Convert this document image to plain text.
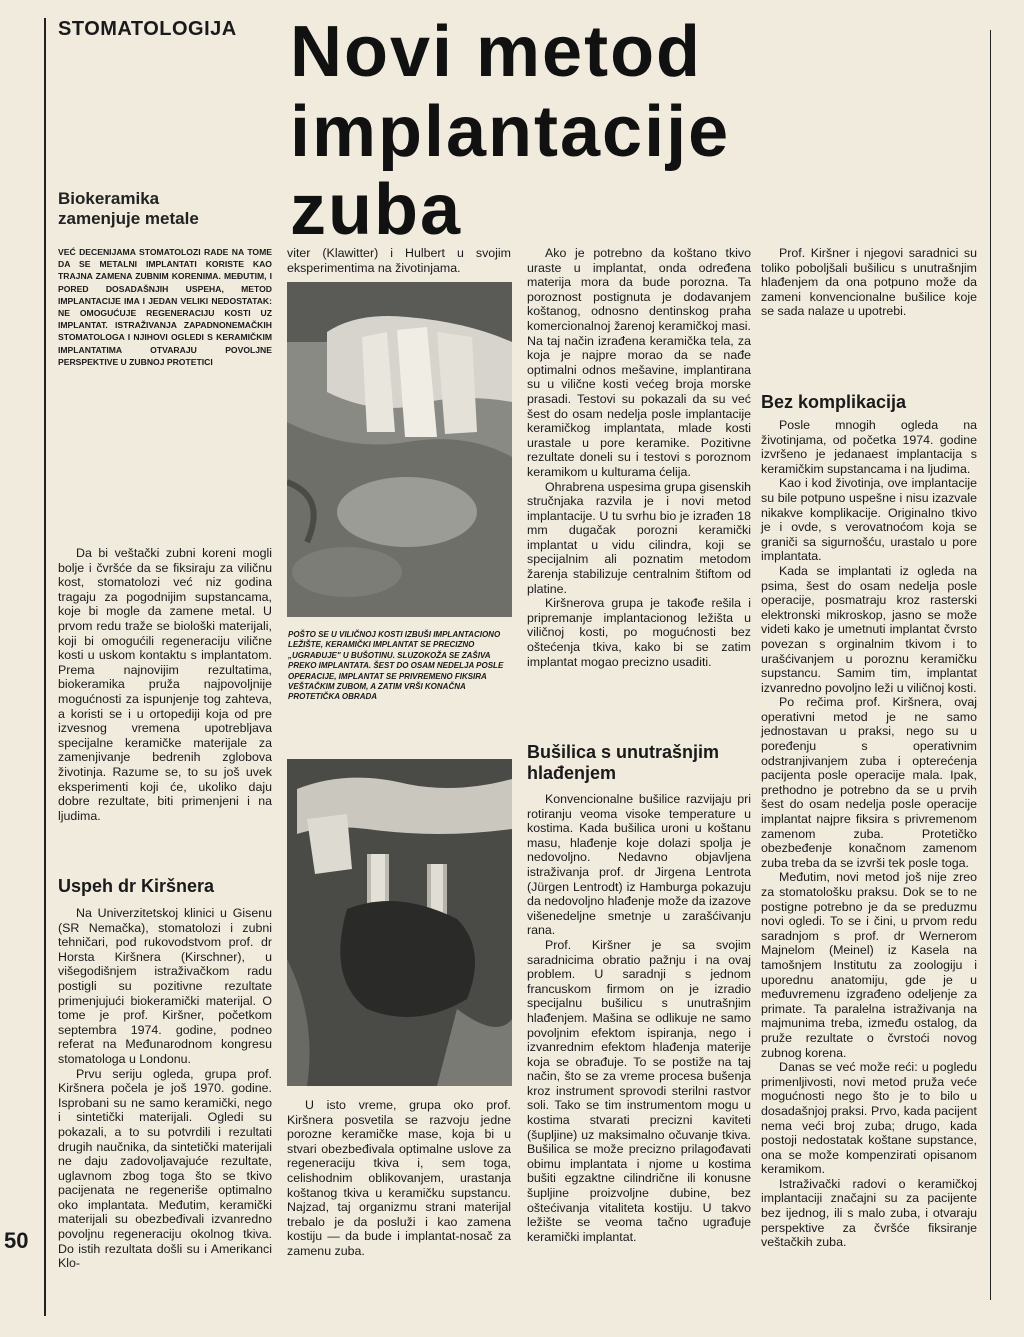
STOMATOLOGIJA
50
Novi metod
implantacije
zuba
Biokeramika
zamenjuje metale
VEĆ DECENIJAMA STOMATOLOZI RADE NA TOME DA SE METALNI IMPLANTATI KORISTE KAO TRAJNA ZAMENA ZUBNIM KORENIMA. MEĐUTIM, I PORED DOSADAŠNJIH USPEHA, METOD IMPLANTACIJE IMA I JEDAN VELIKI NEDOSTATAK: NE OMOGUĆUJE REGENERACIJU KOSTI UZ IMPLANTAT. ISTRAŽIVANJA ZAPADNONEMAČKIH STOMATOLOGA I NJIHOVI OGLEDI S KERAMIČKIM IMPLANTATIMA OTVARAJU POVOLJNE PERSPEKTIVE U ZUBNOJ PROTETICI

Da bi veštački zubni koreni mogli bolje i čvršće da se fiksiraju za viličnu kost, stomatolozi već niz godina tragaju za pogodnijim supstancama, koje bi mogle da zamene metal. U prvom redu traže se biološki materijali, koji bi omogućili regeneraciju vilične kosti u uskom kontaktu s implantatom. Prema najnovijim rezultatima, biokeramika pruža najpovoljnije mogućnosti za ispunjenje tog zahteva, a koristi se i u ortopediji koja od pre izvesnog vremena upotrebljava specijalne keramičke materijale za zamenjivanje bedrenih zglobova životinja. Razume se, to su još uvek eksperimenti koji će, ukoliko daju dobre rezultate, biti primenjeni i na ljudima.

Uspeh dr Kiršnera

Na Univerzitetskoj klinici u Gisenu (SR Nemačka), stomatolozi i zubni tehničari, pod rukovodstvom prof. dr Horsta Kiršnera (Kirschner), u višegodišnjem istraživačkom radu postigli su pozitivne rezultate primenjujući biokeramički materijal. O tome je prof. Kiršner, početkom septembra 1974. godine, podneo referat na Međunarodnom kongresu stomatologa u Londonu.

Prvu seriju ogleda, grupa prof. Kiršnera počela je još 1970. godine. Isprobani su ne samo keramički, nego i sintetički materijali. Ogledi su pokazali, a to su potvrdili i rezultati drugih naučnika, da sintetički materijali ne daju zadovoljavajuće rezultate, uglavnom zbog toga što se tkivo pacijenata ne regeneriše optimalno oko implantata. Međutim, keramički materijali su obezbeđivali izvanredno povoljnu regeneraciju okolnog tkiva. Do istih rezultata došli su i Amerikanci Klo-

viter (Klawitter) i Hulbert u svojim eksperimentima na životinjama.

POŠTO SE U VILIČNOJ KOSTI IZBUŠI IMPLANTACIONO LEŽIŠTE, KERAMIČKI IMPLANTAT SE PRECIZNO „UGRAĐUJE" U BUŠOTINU. SLUZOKOŽA SE ZAŠIVA PREKO IMPLANTATA. ŠEST DO OSAM NEDELJA POSLE OPERACIJE, IMPLANTAT SE PRIVREMENO FIKSIRA VEŠTAČKIM ZUBOM, A ZATIM VRŠI KONAČNA PROTETIČKA OBRADA

U isto vreme, grupa oko prof. Kiršnera posvetila se razvoju jedne porozne keramičke mase, koja bi u stvari obezbeđivala optimalne uslove za regeneraciju tkiva i, sem toga, celishodnim oblikovanjem, urastanja koštanog tkiva u keramičku supstancu. Najzad, taj organizmu strani materijal trebalo je da posluži i kao zamena kostiju — da bude i implantat-nosač za zamenu zuba.

Ako je potrebno da koštano tkivo uraste u implantat, onda određena materija mora da bude porozna. Ta poroznost postignuta je dodavanjem koštanog, odnosno dentinskog praha komercionalnoj žarenoj keramičkoj masi. Na taj način izrađena keramička tela, za koja je najpre morao da se nađe optimalni odnos mešavine, implantirana su u vilične kosti većeg broja morske prasadi. Testovi su pokazali da su već šest do osam nedelja posle implantacije keramičkog implantata, mlade kosti urastale u pore keramike. Pozitivne rezultate doneli su i testovi s poroznom keramikom u kulturama ćelija.

Ohrabrena uspesima grupa gisenskih stručnjaka razvila je i novi metod implantacije. U tu svrhu bio je izrađen 18 mm dugačak porozni keramički implantat u vidu cilindra, koji se specijalnim ali poznatim metodom žarenja stabilizuje centralnim štiftom od platine.

Kiršnerova grupa je takođe rešila i pripremanje implantacionog ležišta u viličnoj kosti, po mogućnosti bez oštećenja tkiva, kako bi se zatim implantat mogao precizno usaditi.

Bušilica s unutrašnjim hlađenjem

Konvencionalne bušilice razvijaju pri rotiranju veoma visoke temperature u kostima. Kada bušilica uroni u koštanu masu, hlađenje koje dolazi spolja je nedovoljno. Nedavno objavljena istraživanja prof. dr Jirgena Lentrota (Jürgen Lentrodt) iz Hamburga pokazuju da nedovoljno hlađenje može da izazove višenedeljne smetnje u zarašćivanju rana.

Prof. Kiršner je sa svojim saradnicima obratio pažnju i na ovaj problem. U saradnji s jednom francuskom firmom on je izradio specijalnu bušilicu s unutrašnjim hlađenjem. Mašina se odlikuje ne samo povoljnim efektom ispiranja, nego i izvanrednim efektom hlađenja materije koja se obrađuje. To se postiže na taj način, što se za vreme procesa bušenja kroz instrument sprovodi sterilni rastvor soli. Tako se tim instrumentom mogu u kostima stvarati precizni kaviteti (šupljine) uz maksimalno očuvanje tkiva. Bušilica se može precizno prilagođavati obimu implantata i njome u kostima bušiti egzaktne cilindrične ili konusne šupljine proizvoljne dubine, bez oštećivanja vitaliteta kostiju. U takvo ležište se veoma tačno ugrađuje keramički implantat.

Prof. Kiršner i njegovi saradnici su toliko poboljšali bušilicu s unutrašnjim hlađenjem da ona potpuno može da zameni konvencionalne bušilice koje se sada nalaze u upotrebi.

Bez komplikacija

Posle mnogih ogleda na životinjama, od početka 1974. godine izvršeno je jedanaest implantacija s keramičkim supstancama i na ljudima.

Kao i kod životinja, ove implantacije su bile potpuno uspešne i nisu izazvale nikakve komplikacije. Originalno tkivo je i ovde, s verovatnoćom koja se graniči sa sigurnošću, urastalo u pore implantata.

Kada se implantati iz ogleda na psima, šest do osam nedelja posle operacije, posmatraju kroz rasterski elektronski mikroskop, jasno se može videti kako je umetnuti implantat čvrsto povezan s orginalnim tkivom i to urašćivanjem u poroznu keramičku supstancu. Samim tim, implantat izvanredno povoljno leži u viličnoj kosti.

Po rečima prof. Kiršnera, ovaj operativni metod je ne samo jednostavan u praksi, nego su u poređenju s operativnim odstranjivanjem zuba i opterećenja pacijenta posle operacije mala. Ipak, prethodno je potrebno da se u prvih šest do osam nedelja posle operacije implantat najpre fiksira s privremenom zamenom zuba. Protetičko obezbeđenje konačnom zamenom zuba treba da se izvrši tek posle toga.

Međutim, novi metod još nije zreo za stomatološku praksu. Dok se to ne postigne potrebno je da se preduzmu novi ogledi. To se i čini, u prvom redu saradnjom s prof. dr Wernerom Majnelom (Meinel) iz Kasela na tamošnjem Institutu za zoologiju i uporednu anatomiju, gde je u međuvremenu izgrađeno odeljenje za primate. Ta paralelna istraživanja na majmunima treba, između ostalog, da pruže rezultate o čvrstoći novog zubnog korena.

Danas se već može reći: u pogledu primenljivosti, novi metod pruža veće mogućnosti nego što je to bilo u dosadašnjoj praksi. Prvo, kada pacijent nema veći broj zuba; drugo, kada postoji nedostatak koštane supstance, ona se može kompenzirati opisanom keramikom.

Istraživački radovi o keramičkoj implantaciji značajni su za pacijentе bez ijednog, ili s malo zuba, i otvaraju perspektive za čvršće fiksiranje veštačkih zuba.
